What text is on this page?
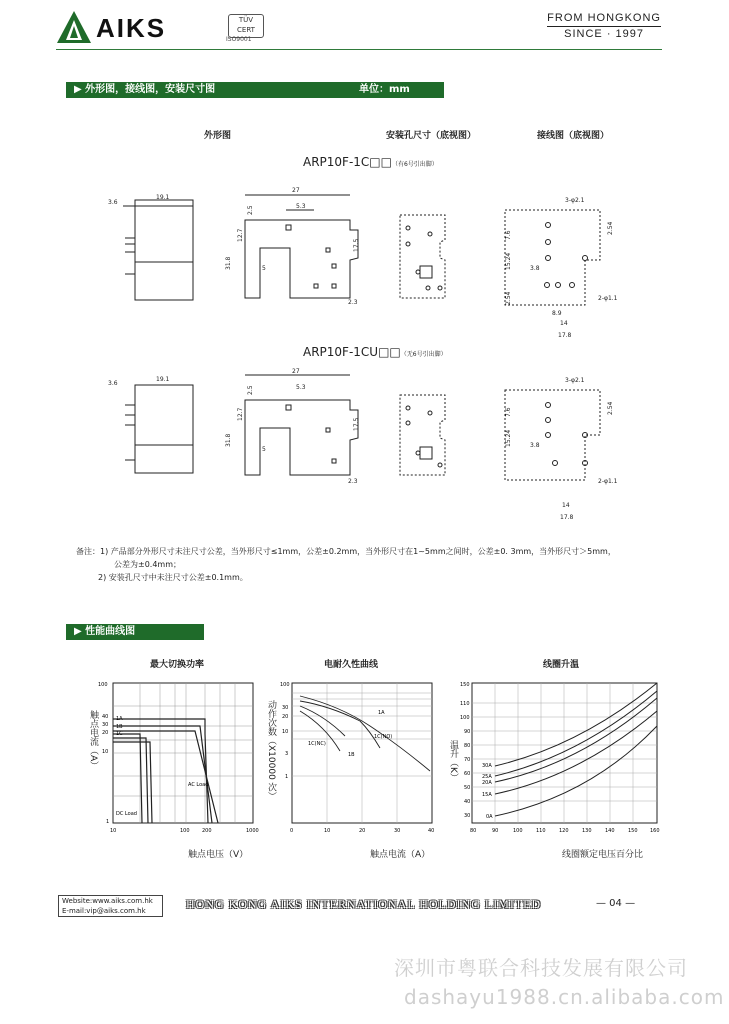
AIKS	TÜV CERT
ISO9001
FROM HONGKONG
SINCE · 1997
▶ 外形图，接线图，安装尺寸图	单位：mm
外形图	安装孔尺寸（底视图）	接线图（底视图）
ARP10F-1C□□（有6号引出脚）
ARP10F-1CU□□（无6号引出脚）
3.6
19.1
27
5.3
2.5
12.7
17.5
31.8	5
2.3
3-φ2.1
7.6
2.54
15.24	3.8
2-φ1.1
2.54
8.9
14
17.8
3.6
19.1
27
5.3
2.5
12.7
17.5
31.8
5
2.3
3-φ2.1
7.6	2.54
15.24	3.8
2-φ1.1
14
17.8
备注：1) 产品部分外形尺寸未注尺寸公差，当外形尺寸≤1mm，公差±0.2mm，当外形尺寸在1~5mm之间时，公差±0. 3mm，当外形尺寸＞5mm，
公差为±0.4mm；
2) 安装孔尺寸中未注尺寸公差±0.1mm。
▶ 性能曲线图
最大切换功率	电耐久性曲线	线圈升温
1A
1B
1C
AC Load
DC Load
100
40
30
20
10
1
10	100 200	1000
触点电流（A）
触点电压（V）
1A
1C(NO)
1C(NC)
1B
100
30
20
10
3
1
0	10	20	30	40
动作次数（X10000 次）
触点电流（A）
30A
25A
20A
15A
0A
150
110
100
90
80
70
60
50
40
30
80	90	100	110	120	130	140	150 160
温升（K）
线圈额定电压百分比
Website:www.aiks.com.hk
E-mail:vip@aiks.com.hk	HONG KONG AIKS INTERNATIONAL HOLDING LIMITED	— 04 —
深圳市粤联合科技发展有限公司
dashayu1988.cn.alibaba.com
